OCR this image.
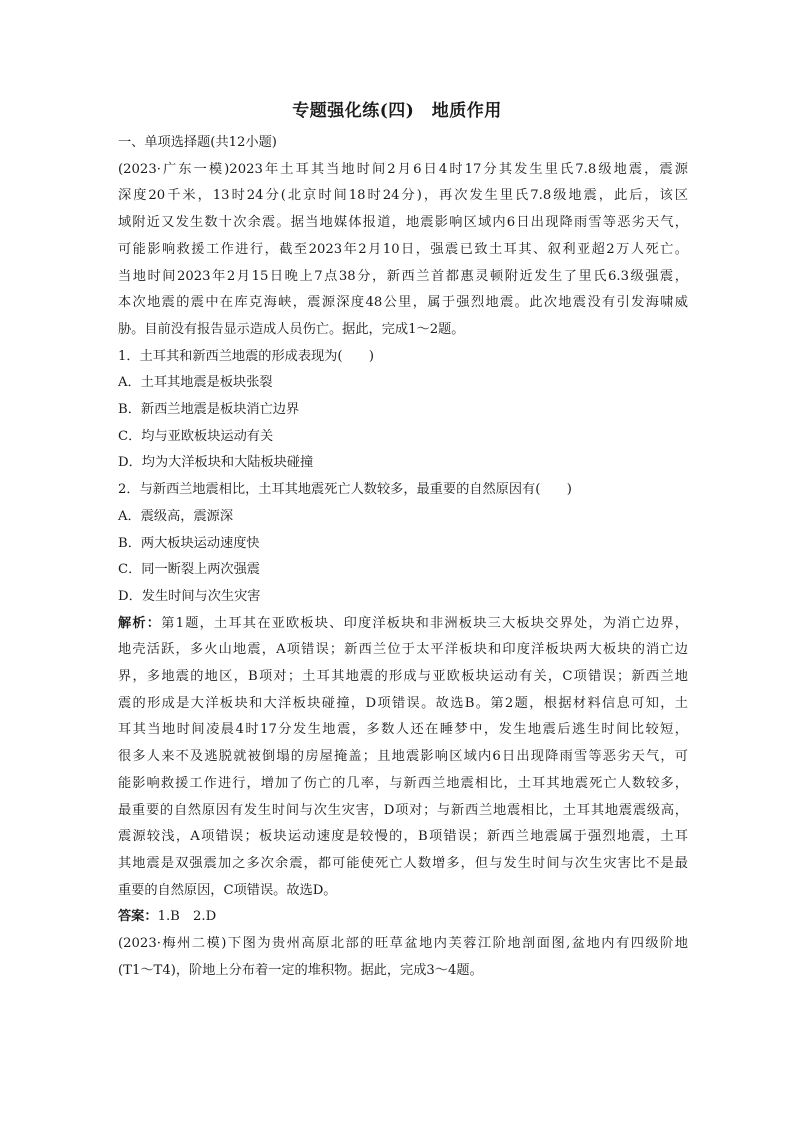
专题强化练(四)　地质作用

一、单项选择题(共12小题)

(2023·广东一模)2023年土耳其当地时间2月6日4时17分其发生里氏7.8级地震，震源
深度20千米，13时24分(北京时间18时24分)，再次发生里氏7.8级地震，此后，该区
域附近又发生数十次余震。据当地媒体报道，地震影响区域内6日出现降雨雪等恶劣天气，
可能影响救援工作进行，截至2023年2月10日，强震已致土耳其、叙利亚超2万人死亡。
当地时间2023年2月15日晚上7点38分，新西兰首都惠灵顿附近发生了里氏6.3级强震，
本次地震的震中在库克海峡，震源深度48公里，属于强烈地震。此次地震没有引发海啸威
胁。目前没有报告显示造成人员伤亡。据此，完成1～2题。

1．土耳其和新西兰地震的形成表现为(　　)

A．土耳其地震是板块张裂

B．新西兰地震是板块消亡边界

C．均与亚欧板块运动有关

D．均为大洋板块和大陆板块碰撞

2．与新西兰地震相比，土耳其地震死亡人数较多，最重要的自然原因有(　　)

A．震级高，震源深

B．两大板块运动速度快

C．同一断裂上两次强震

D．发生时间与次生灾害

解析：第1题，土耳其在亚欧板块、印度洋板块和非洲板块三大板块交界处，为消亡边界，
地壳活跃，多火山地震，A项错误；新西兰位于太平洋板块和印度洋板块两大板块的消亡边
界，多地震的地区，B项对；土耳其地震的形成与亚欧板块运动有关，C项错误；新西兰地
震的形成是大洋板块和大洋板块碰撞，D项错误。故选B。第2题，根据材料信息可知，土
耳其当地时间凌晨4时17分发生地震，多数人还在睡梦中，发生地震后逃生时间比较短，
很多人来不及逃脱就被倒塌的房屋掩盖；且地震影响区域内6日出现降雨雪等恶劣天气，可
能影响救援工作进行，增加了伤亡的几率，与新西兰地震相比，土耳其地震死亡人数较多，
最重要的自然原因有发生时间与次生灾害，D项对；与新西兰地震相比，土耳其地震震级高，
震源较浅，A项错误；板块运动速度是较慢的，B项错误；新西兰地震属于强烈地震，土耳
其地震是双强震加之多次余震，都可能使死亡人数增多，但与发生时间与次生灾害比不是最
重要的自然原因，C项错误。故选D。

答案：1.B　2.D

(2023·梅州二模)下图为贵州高原北部的旺草盆地内芙蓉江阶地剖面图,盆地内有四级阶地
(T1～T4)，阶地上分布着一定的堆积物。据此，完成3～4题。
